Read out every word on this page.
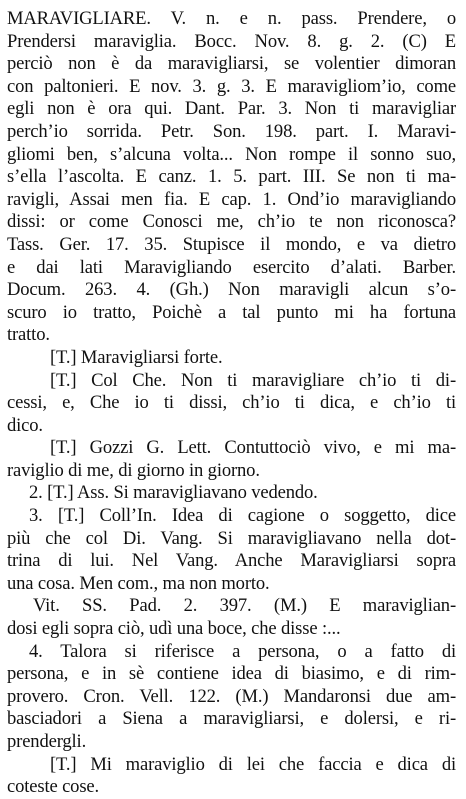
MARAVIGLIARE. V. n. e n. pass. Prendere, o
Prendersi maraviglia. Bocc. Nov. 8. g. 2. (C) E
perciò non è da maravigliarsi, se volentier dimoran
con paltonieri. E nov. 3. g. 3. E maravigliom’io, come
egli non è ora qui. Dant. Par. 3. Non ti maravigliar
perch’io sorrida. Petr. Son. 198. part. I. Maravi-
gliomi ben, s’alcuna volta... Non rompe il sonno suo,
s’ella l’ascolta. E canz. 1. 5. part. III. Se non ti ma-
ravigli, Assai men fia. E cap. 1. Ond’io maravigliando
dissi: or come Conosci me, ch’io te non riconosca?
Tass. Ger. 17. 35. Stupisce il mondo, e va dietro
e dai lati Maravigliando esercito d’alati. Barber.
Docum. 263. 4. (Gh.) Non maravigli alcun s’o-
scuro io tratto, Poichè a tal punto mi ha fortuna
tratto.
[T.] Maravigliarsi forte.
[T.] Col Che. Non ti maravigliare ch’io ti di-
cessi, e, Che io ti dissi, ch’io ti dica, e ch’io ti
dico.
[T.] Gozzi G. Lett. Contuttociò vivo, e mi ma-
raviglio di me, di giorno in giorno.
2. [T.] Ass. Si maravigliavano vedendo.
3. [T.] Coll’In. Idea di cagione o soggetto, dice
più che col Di. Vang. Si maravigliavano nella dot-
trina di lui. Nel Vang. Anche Maravigliarsi sopra
una cosa. Men com., ma non morto.
Vit. SS. Pad. 2. 397. (M.) E maraviglian-
dosi egli sopra ciò, udì una boce, che disse :...
4. Talora si riferisce a persona, o a fatto di
persona, e in sè contiene idea di biasimo, e di rim-
provero. Cron. Vell. 122. (M.) Mandaronsi due am-
basciadori a Siena a maravigliarsi, e dolersi, e ri-
prendergli.
[T.] Mi maraviglio di lei che faccia e dica di
coteste cose.
